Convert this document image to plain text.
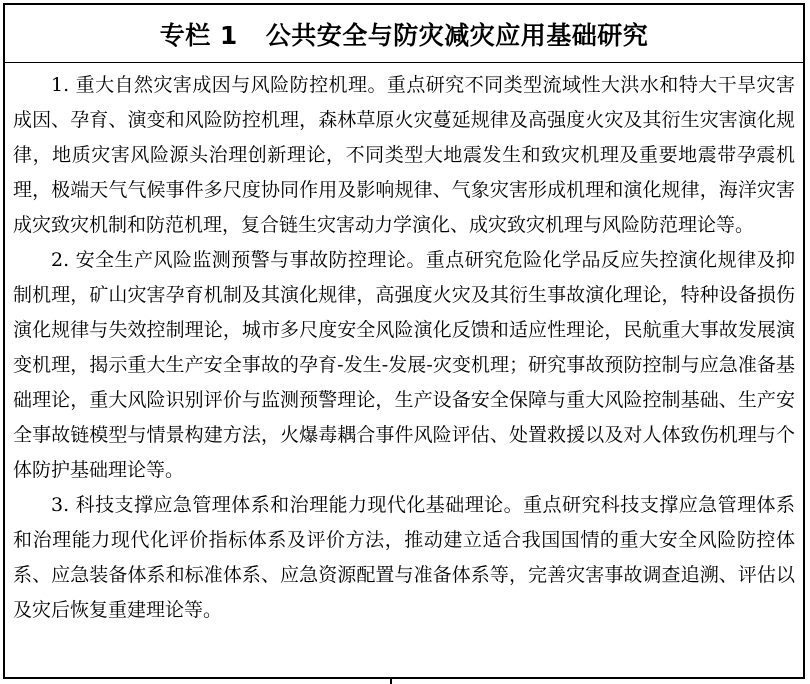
专栏 1 公共安全与防灾减灾应用基础研究

1. 重大自然灾害成因与风险防控机理。重点研究不同类型流域性大洪水和特大干旱灾害成因、孕育、演变和风险防控机理，森林草原火灾蔓延规律及高强度火灾及其衍生灾害演化规律，地质灾害风险源头治理创新理论，不同类型大地震发生和致灾机理及重要地震带孕震机理，极端天气气候事件多尺度协同作用及影响规律、气象灾害形成机理和演化规律，海洋灾害成灾致灾机制和防范机理，复合链生灾害动力学演化、成灾致灾机理与风险防范理论等。

2. 安全生产风险监测预警与事故防控理论。重点研究危险化学品反应失控演化规律及抑制机理，矿山灾害孕育机制及其演化规律，高强度火灾及其衍生事故演化理论，特种设备损伤演化规律与失效控制理论，城市多尺度安全风险演化反馈和适应性理论，民航重大事故发展演变机理，揭示重大生产安全事故的孕育-发生-发展-灾变机理；研究事故预防控制与应急准备基础理论，重大风险识别评价与监测预警理论，生产设备安全保障与重大风险控制基础、生产安全事故链模型与情景构建方法，火爆毒耦合事件风险评估、处置救援以及对人体致伤机理与个体防护基础理论等。

3. 科技支撑应急管理体系和治理能力现代化基础理论。重点研究科技支撑应急管理体系和治理能力现代化评价指标体系及评价方法，推动建立适合我国国情的重大安全风险防控体系、应急装备体系和标准体系、应急资源配置与准备体系等，完善灾害事故调查追溯、评估以及灾后恢复重建理论等。
